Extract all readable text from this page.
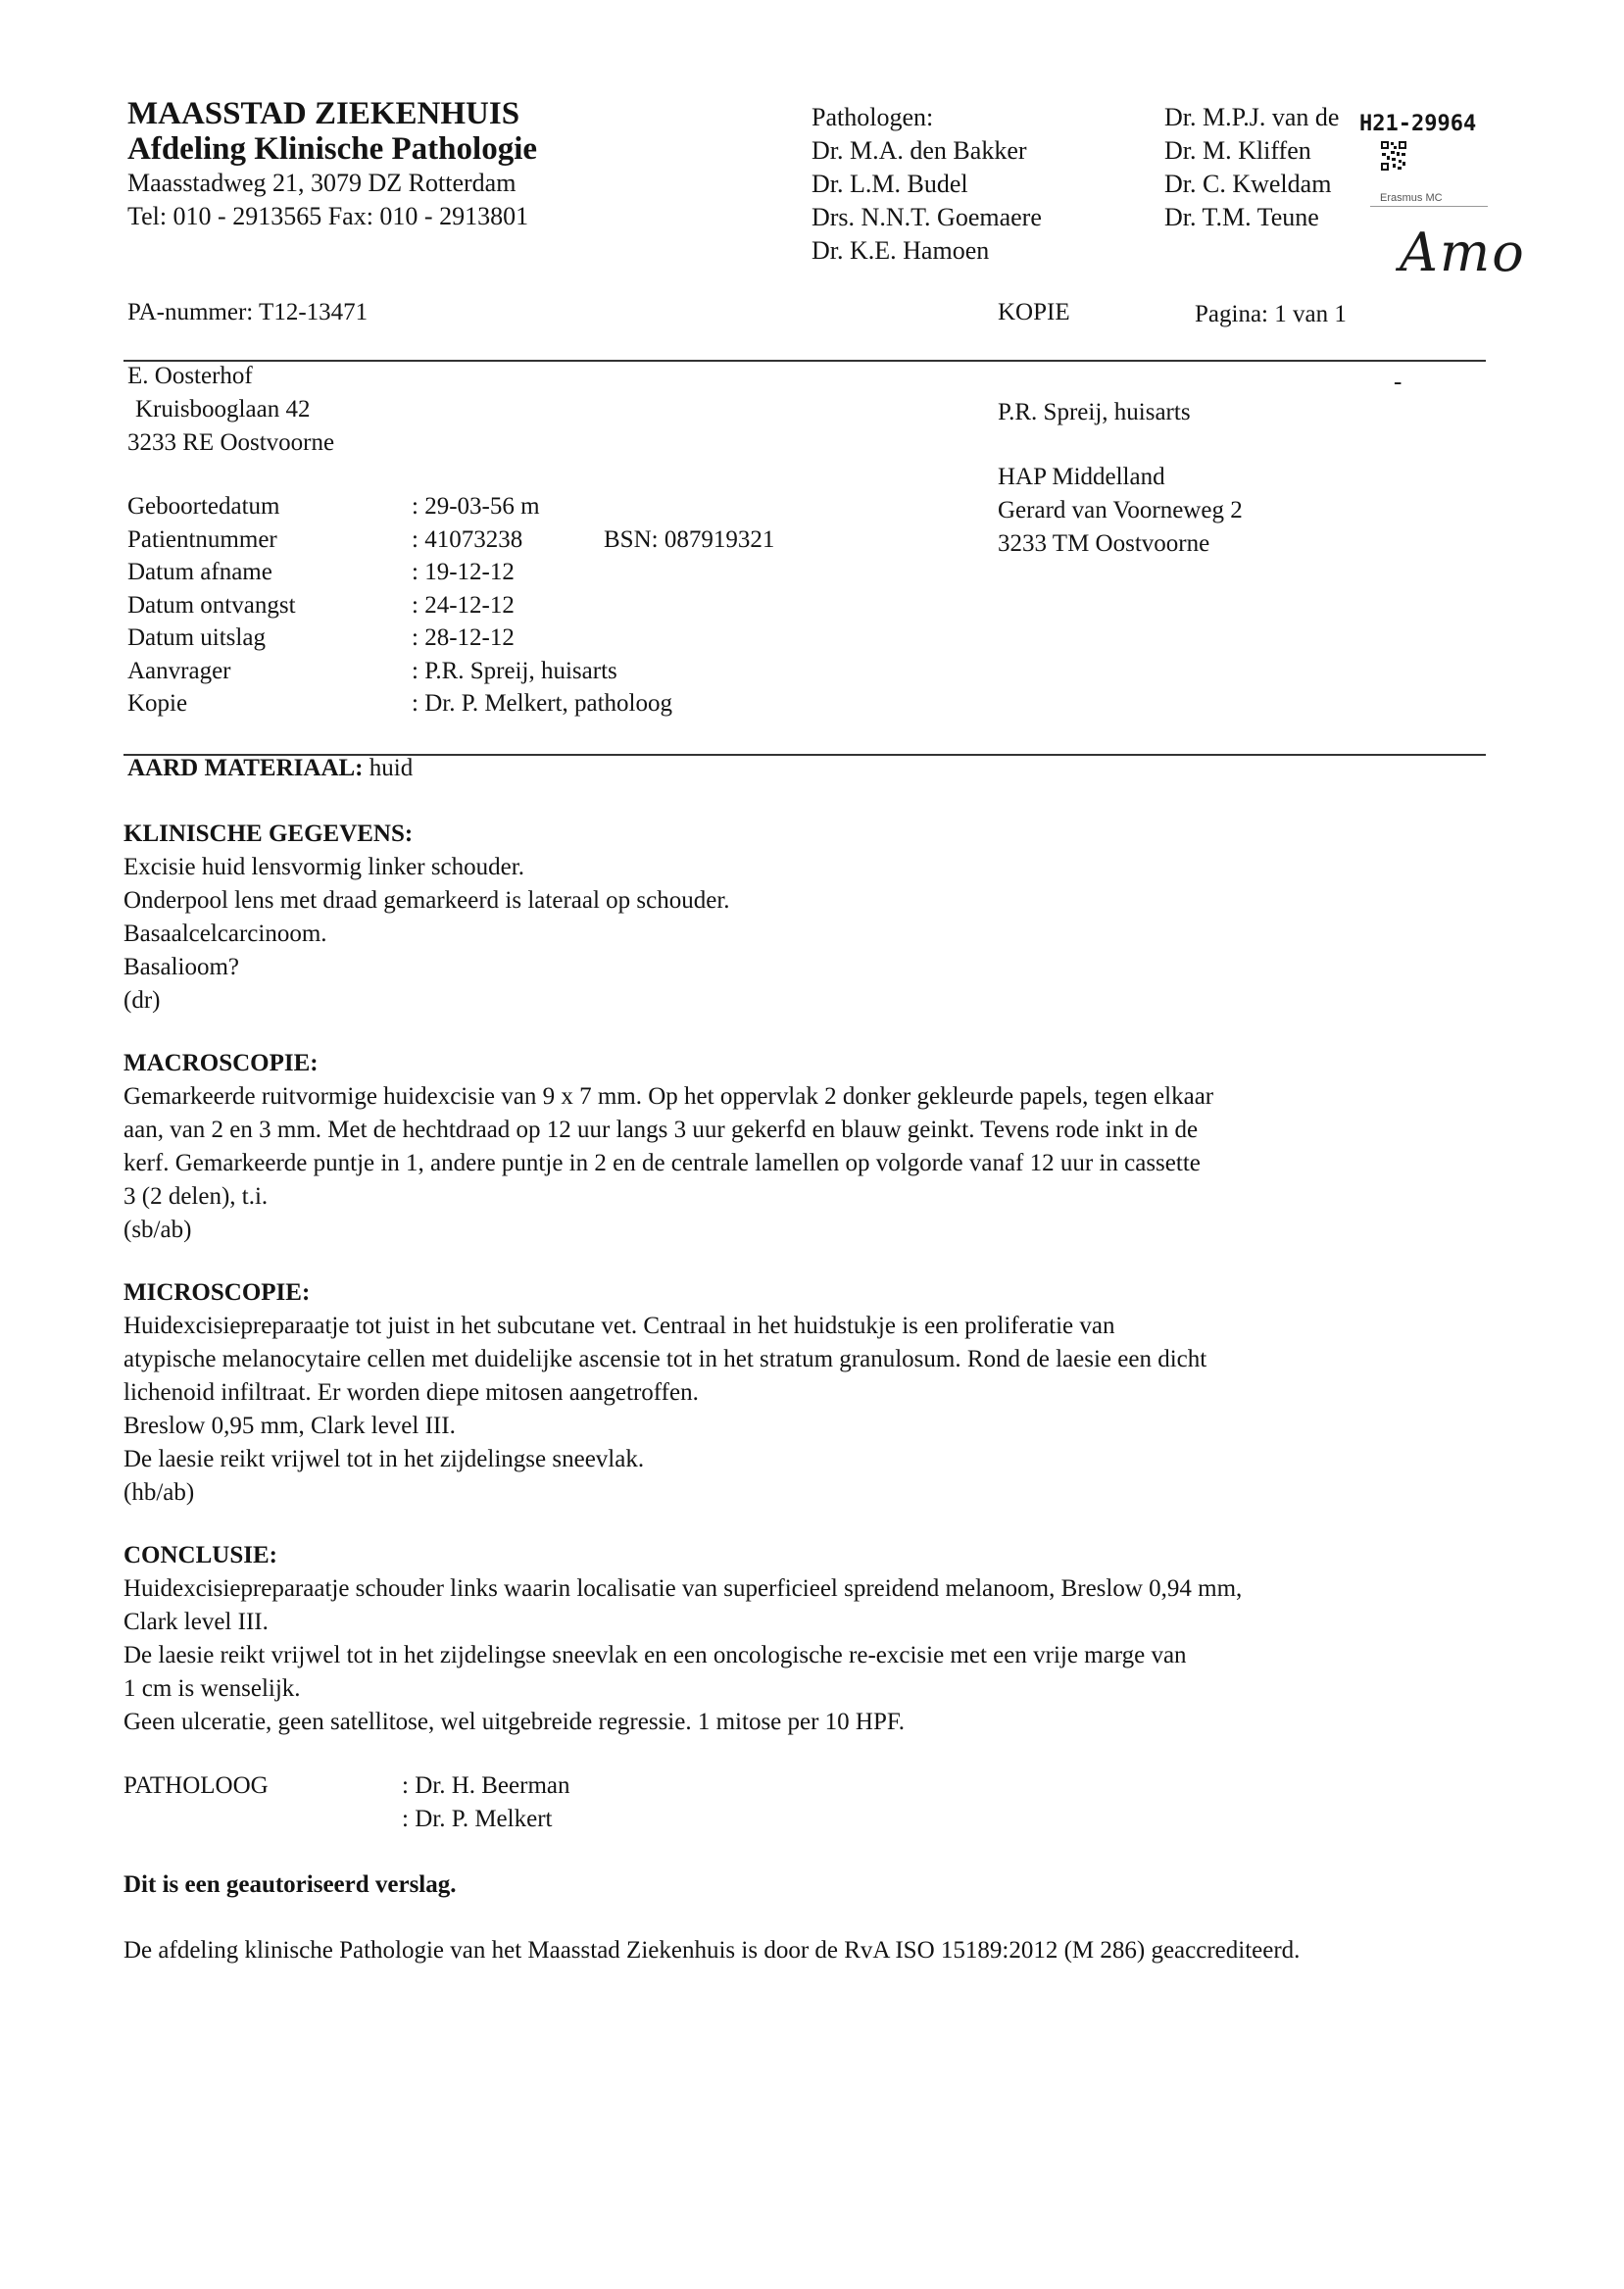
MAASSTAD ZIEKENHUIS
Afdeling Klinische Pathologie
Maasstadweg 21, 3079 DZ Rotterdam
Tel: 010 - 2913565 Fax: 010 - 2913801
Pathologen:
Dr. M.A. den Bakker
Dr. L.M. Budel
Drs. N.N.T. Goemaere
Dr. K.E. Hamoen
Dr. M.P.J. van de
Dr. M. Kliffen
Dr. C. Kweldam
Dr. T.M. Teune
H21-29964
Erasmus MC
Amo
PA-nummer: T12-13471	KOPIE	Pagina: 1 van 1
-
E. Oosterhof
Kruisbooglaan 42
3233 RE Oostvoorne
P.R. Spreij, huisarts
HAP Middelland
Gerard van Voorneweg 2
3233 TM Oostvoorne
Geboortedatum	: 29-03-56 m
Patientnummer	: 41073238	BSN: 087919321
Datum afname	: 19-12-12
Datum ontvangst	: 24-12-12
Datum uitslag	: 28-12-12
Aanvrager	: P.R. Spreij, huisarts
Kopie	: Dr. P. Melkert, patholoog
AARD MATERIAAL: huid
KLINISCHE GEGEVENS:
Excisie huid lensvormig linker schouder.
Onderpool lens met draad gemarkeerd is lateraal op schouder.
Basaalcelcarcinoom.
Basalioom?
(dr)
MACROSCOPIE:
Gemarkeerde ruitvormige huidexcisie van 9 x 7 mm. Op het oppervlak 2 donker gekleurde papels, tegen elkaar
aan, van 2 en 3 mm. Met de hechtdraad op 12 uur langs 3 uur gekerfd en blauw geinkt. Tevens rode inkt in de
kerf. Gemarkeerde puntje in 1, andere puntje in 2 en de centrale lamellen op volgorde vanaf 12 uur in cassette
3 (2 delen), t.i.
(sb/ab)
MICROSCOPIE:
Huidexcisiepreparaatje tot juist in het subcutane vet. Centraal in het huidstukje is een proliferatie van
atypische melanocytaire cellen met duidelijke ascensie tot in het stratum granulosum. Rond de laesie een dicht
lichenoid infiltraat. Er worden diepe mitosen aangetroffen.
Breslow 0,95 mm, Clark level III.
De laesie reikt vrijwel tot in het zijdelingse sneevlak.
(hb/ab)
CONCLUSIE:
Huidexcisiepreparaatje schouder links waarin localisatie van superficieel spreidend melanoom, Breslow 0,94 mm,
Clark level III.
De laesie reikt vrijwel tot in het zijdelingse sneevlak en een oncologische re-excisie met een vrije marge van
1 cm is wenselijk.
Geen ulceratie, geen satellitose, wel uitgebreide regressie. 1 mitose per 10 HPF.
PATHOLOOG	: Dr. H. Beerman
: Dr. P. Melkert
Dit is een geautoriseerd verslag.
De afdeling klinische Pathologie van het Maasstad Ziekenhuis is door de RvA ISO 15189:2012 (M 286) geaccrediteerd.
